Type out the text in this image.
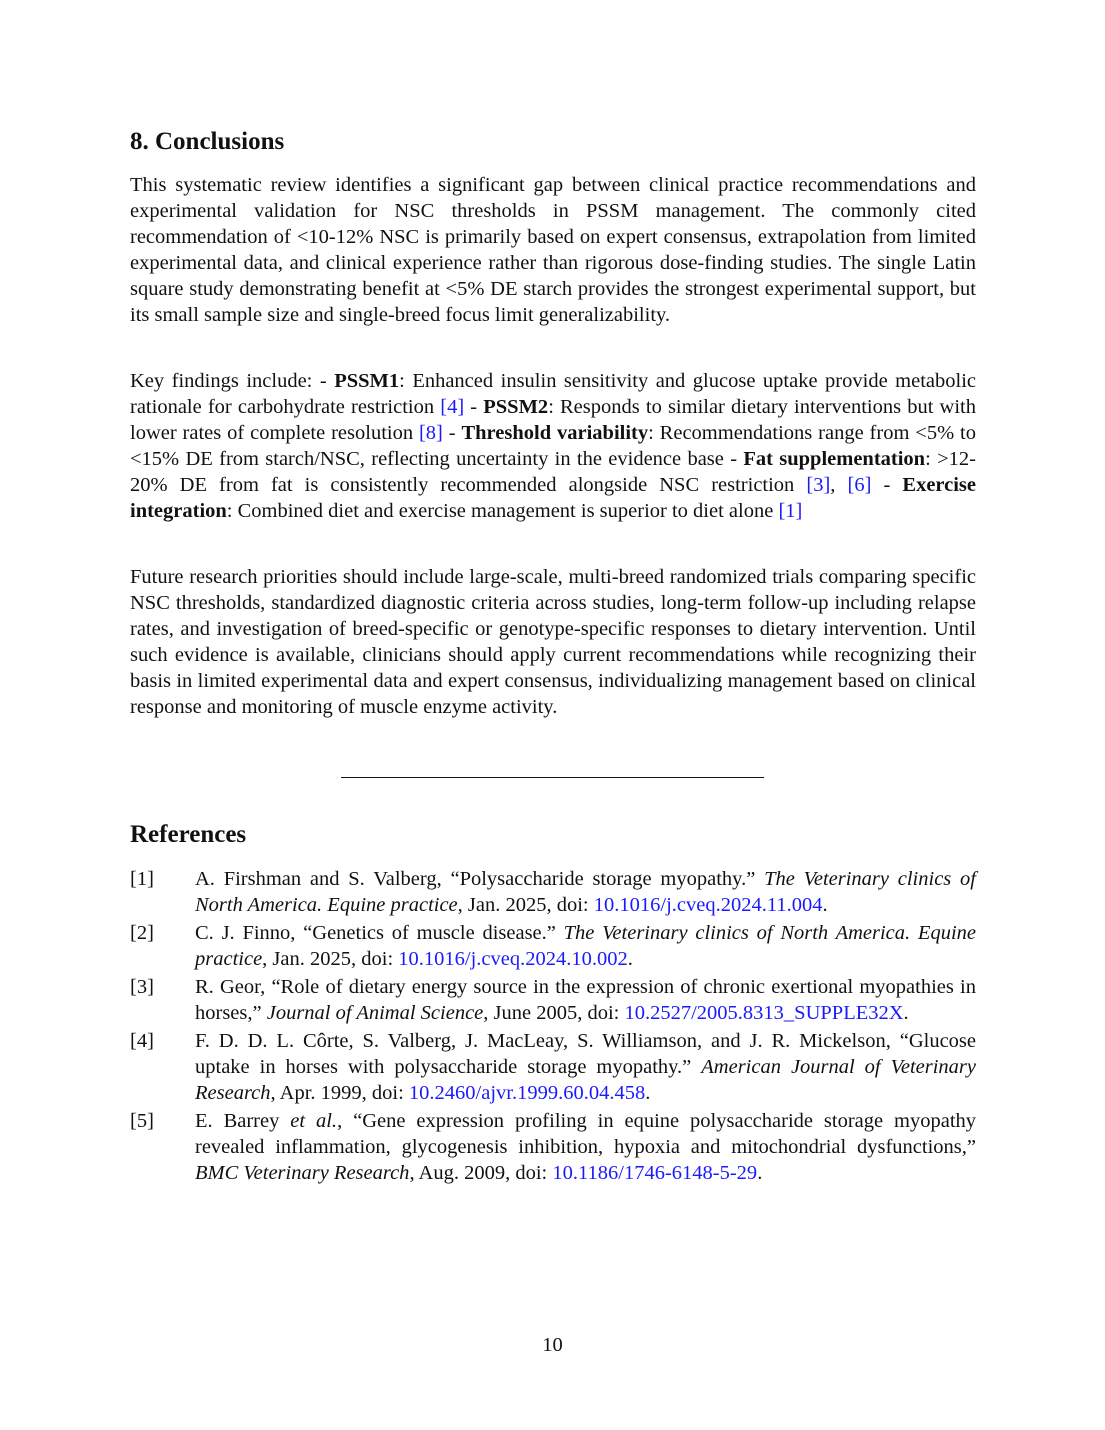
8. Conclusions

This systematic review identifies a significant gap between clinical practice recommendations and experimental validation for NSC thresholds in PSSM management. The commonly cited recommendation of <10-12% NSC is primarily based on expert consensus, extrapolation from limited experimental data, and clinical experience rather than rigorous dose-finding studies. The single Latin square study demonstrating benefit at <5% DE starch provides the strongest experimental support, but its small sample size and single-breed focus limit generalizability.

Key findings include: - PSSM1: Enhanced insulin sensitivity and glucose uptake provide metabolic rationale for carbohydrate restriction [4] - PSSM2: Responds to similar dietary interventions but with lower rates of complete resolution [8] - Threshold variability: Recommendations range from <5% to <15% DE from starch/NSC, reflecting uncertainty in the evidence base - Fat supplementation: >12-20% DE from fat is consistently recommended alongside NSC restriction [3], [6] - Exercise integration: Combined diet and exercise management is superior to diet alone [1]

Future research priorities should include large-scale, multi-breed randomized trials comparing specific NSC thresholds, standardized diagnostic criteria across studies, long-term follow-up including relapse rates, and investigation of breed-specific or genotype-specific responses to dietary intervention. Until such evidence is available, clinicians should apply current recommendations while recognizing their basis in limited experimental data and expert consensus, individualizing management based on clinical response and monitoring of muscle enzyme activity.

References
[1] A. Firshman and S. Valberg, “Polysaccharide storage myopathy.” The Veterinary clinics of North America. Equine practice, Jan. 2025, doi: 10.1016/j.cveq.2024.11.004.
[2] C. J. Finno, “Genetics of muscle disease.” The Veterinary clinics of North America. Equine practice, Jan. 2025, doi: 10.1016/j.cveq.2024.10.002.
[3] R. Geor, “Role of dietary energy source in the expression of chronic exertional myopathies in horses,” Journal of Animal Science, June 2005, doi: 10.2527/2005.8313_SUPPLE32X.
[4] F. D. D. L. Côrte, S. Valberg, J. MacLeay, S. Williamson, and J. R. Mickelson, “Glucose uptake in horses with polysaccharide storage myopathy.” American Journal of Veterinary Research, Apr. 1999, doi: 10.2460/ajvr.1999.60.04.458.
[5] E. Barrey et al., “Gene expression profiling in equine polysaccharide storage myopathy revealed inflammation, glycogenesis inhibition, hypoxia and mitochondrial dysfunctions,” BMC Veterinary Research, Aug. 2009, doi: 10.1186/1746-6148-5-29.
10
